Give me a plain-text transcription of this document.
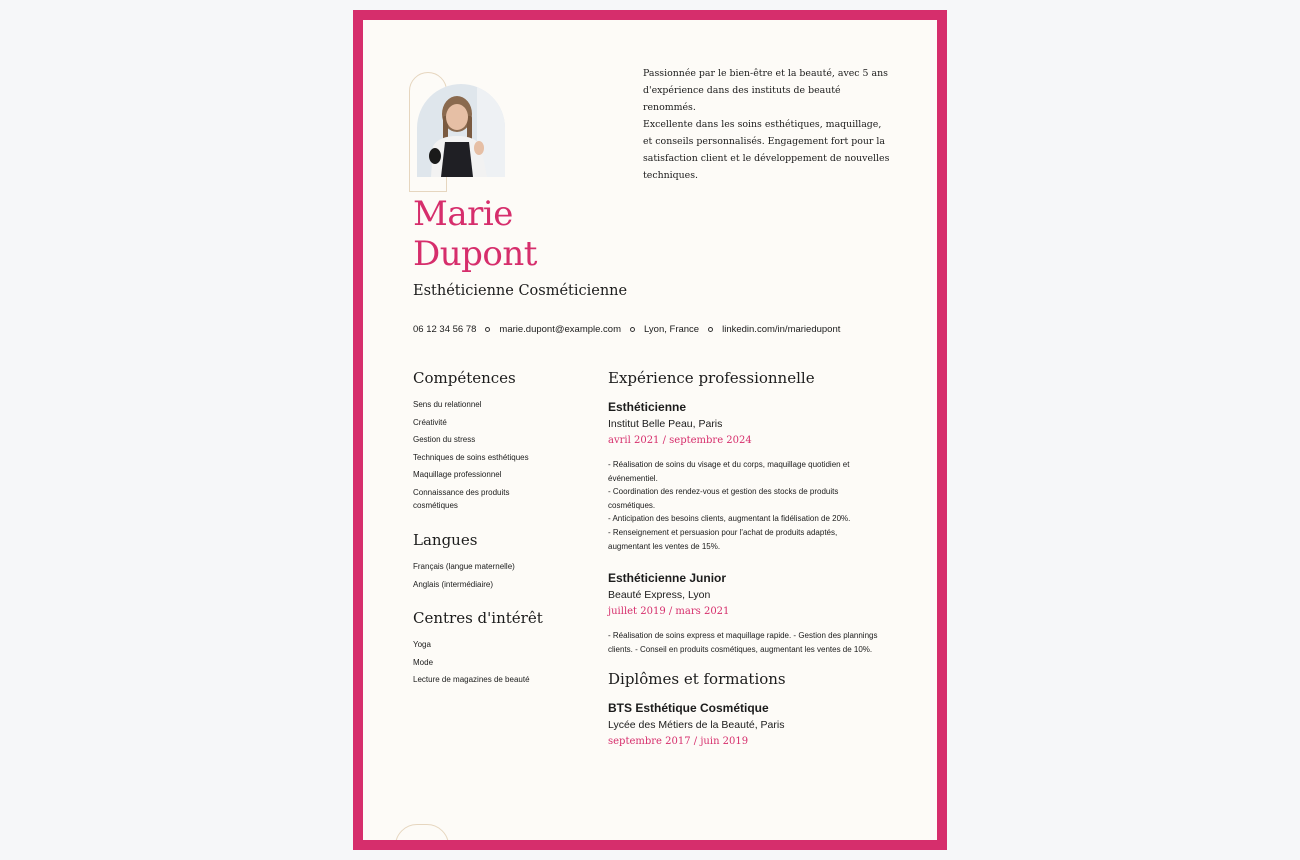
Marie
Dupont
Esthéticienne Cosméticienne
Passionnée par le bien-être et la beauté, avec 5 ans
d'expérience dans des instituts de beauté renommés.
Excellente dans les soins esthétiques, maquillage,
et conseils personnalisés. Engagement fort pour la
satisfaction client et le développement de nouvelles
techniques.
06 12 34 56 78 marie.dupont@example.com Lyon, France linkedin.com/in/mariedupont
Compétences
Sens du relationnel
Créativité
Gestion du stress
Techniques de soins esthétiques
Maquillage professionnel
Connaissance des produits
cosmétiques
Langues
Français (langue maternelle)
Anglais (intermédiaire)
Centres d'intérêt
Yoga
Mode
Lecture de magazines de beauté
Expérience professionnelle
Esthéticienne
Institut Belle Peau, Paris
avril 2021 / septembre 2024
- Réalisation de soins du visage et du corps, maquillage quotidien et
événementiel.
- Coordination des rendez-vous et gestion des stocks de produits
cosmétiques.
- Anticipation des besoins clients, augmentant la fidélisation de 20%.
- Renseignement et persuasion pour l'achat de produits adaptés,
augmentant les ventes de 15%.
Esthéticienne Junior
Beauté Express, Lyon
juillet 2019 / mars 2021
- Réalisation de soins express et maquillage rapide. - Gestion des plannings
clients. - Conseil en produits cosmétiques, augmentant les ventes de 10%.
Diplômes et formations
BTS Esthétique Cosmétique
Lycée des Métiers de la Beauté, Paris
septembre 2017 / juin 2019
